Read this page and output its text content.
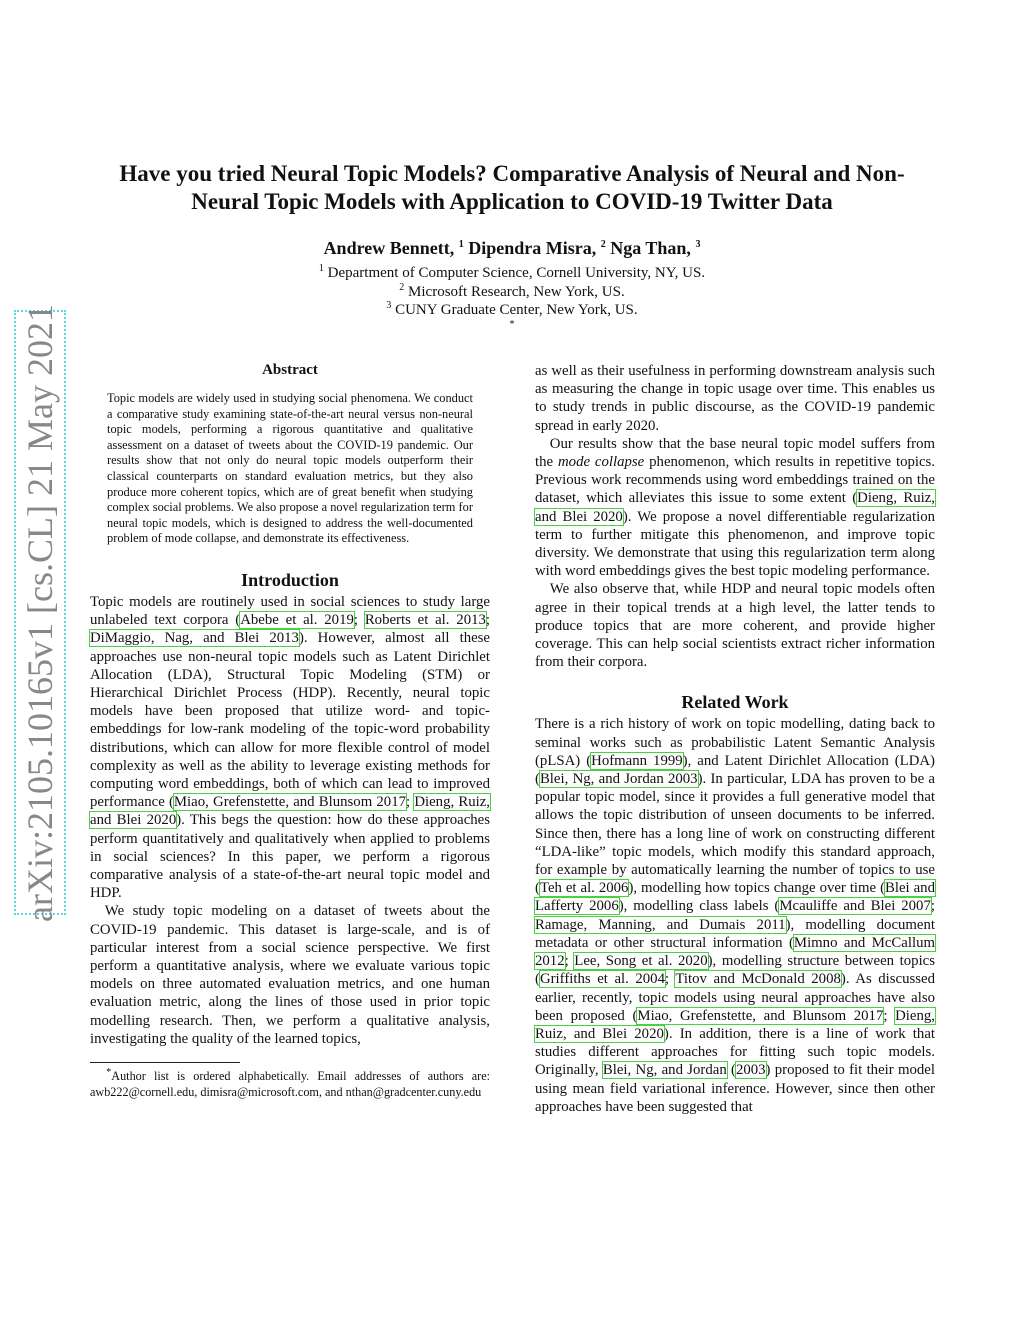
arXiv:2105.10165v1 [cs.CL] 21 May 2021
Have you tried Neural Topic Models? Comparative Analysis of Neural and Non-Neural Topic Models with Application to COVID-19 Twitter Data
Andrew Bennett, $^1$ Dipendra Misra, $^2$ Nga Than, $^3$
$^1$ Department of Computer Science, Cornell University, NY, US.
$^2$ Microsoft Research, New York, US.
$^3$ CUNY Graduate Center, New York, US.
*
Abstract

Topic models are widely used in studying social phenomena. We conduct a comparative study examining state-of-the-art neural versus non-neural topic models, performing a rigorous quantitative and qualitative assessment on a dataset of tweets about the COVID-19 pandemic. Our results show that not only do neural topic models outperform their classical counterparts on standard evaluation metrics, but they also produce more coherent topics, which are of great benefit when studying complex social problems. We also propose a novel regularization term for neural topic models, which is designed to address the well-documented problem of mode collapse, and demonstrate its effectiveness.

Introduction

Topic models are routinely used in social sciences to study large unlabeled text corpora (Abebe et al. 2019; Roberts et al. 2013; DiMaggio, Nag, and Blei 2013). However, almost all these approaches use non-neural topic models such as Latent Dirichlet Allocation (LDA), Structural Topic Modeling (STM) or Hierarchical Dirichlet Process (HDP). Recently, neural topic models have been proposed that utilize word- and topic-embeddings for low-rank modeling of the topic-word probability distributions, which can allow for more flexible control of model complexity as well as the ability to leverage existing methods for computing word embeddings, both of which can lead to improved performance (Miao, Grefenstette, and Blunsom 2017; Dieng, Ruiz, and Blei 2020). This begs the question: how do these approaches perform quantitatively and qualitatively when applied to problems in social sciences? In this paper, we perform a rigorous comparative analysis of a state-of-the-art neural topic model and HDP.

We study topic modeling on a dataset of tweets about the COVID-19 pandemic. This dataset is large-scale, and is of particular interest from a social science perspective. We first perform a quantitative analysis, where we evaluate various topic models on three automated evaluation metrics, and one human evaluation metric, along the lines of those used in prior topic modelling research. Then, we perform a qualitative analysis, investigating the quality of the learned topics,

*Author list is ordered alphabetically. Email addresses of authors are: awb222@cornell.edu, dimisra@microsoft.com, and nthan@gradcenter.cuny.edu

as well as their usefulness in performing downstream analysis such as measuring the change in topic usage over time. This enables us to study trends in public discourse, as the COVID-19 pandemic spread in early 2020.

Our results show that the base neural topic model suffers from the mode collapse phenomenon, which results in repetitive topics. Previous work recommends using word embeddings trained on the dataset, which alleviates this issue to some extent (Dieng, Ruiz, and Blei 2020). We propose a novel differentiable regularization term to further mitigate this phenomenon, and improve topic diversity. We demonstrate that using this regularization term along with word embeddings gives the best topic modeling performance.

We also observe that, while HDP and neural topic models often agree in their topical trends at a high level, the latter tends to produce topics that are more coherent, and provide higher coverage. This can help social scientists extract richer information from their corpora.

Related Work

There is a rich history of work on topic modelling, dating back to seminal works such as probabilistic Latent Semantic Analysis (pLSA) (Hofmann 1999), and Latent Dirichlet Allocation (LDA) (Blei, Ng, and Jordan 2003). In particular, LDA has proven to be a popular topic model, since it provides a full generative model that allows the topic distribution of unseen documents to be inferred. Since then, there has a long line of work on constructing different “LDA-like” topic models, which modify this standard approach, for example by automatically learning the number of topics to use (Teh et al. 2006), modelling how topics change over time (Blei and Lafferty 2006), modelling class labels (Mcauliffe and Blei 2007; Ramage, Manning, and Dumais 2011), modelling document metadata or other structural information (Mimno and McCallum 2012; Lee, Song et al. 2020), modelling structure between topics (Griffiths et al. 2004; Titov and McDonald 2008). As discussed earlier, recently, topic models using neural approaches have also been proposed (Miao, Grefenstette, and Blunsom 2017; Dieng, Ruiz, and Blei 2020). In addition, there is a line of work that studies different approaches for fitting such topic models. Originally, Blei, Ng, and Jordan (2003) proposed to fit their model using mean field variational inference. However, since then other approaches have been suggested that
